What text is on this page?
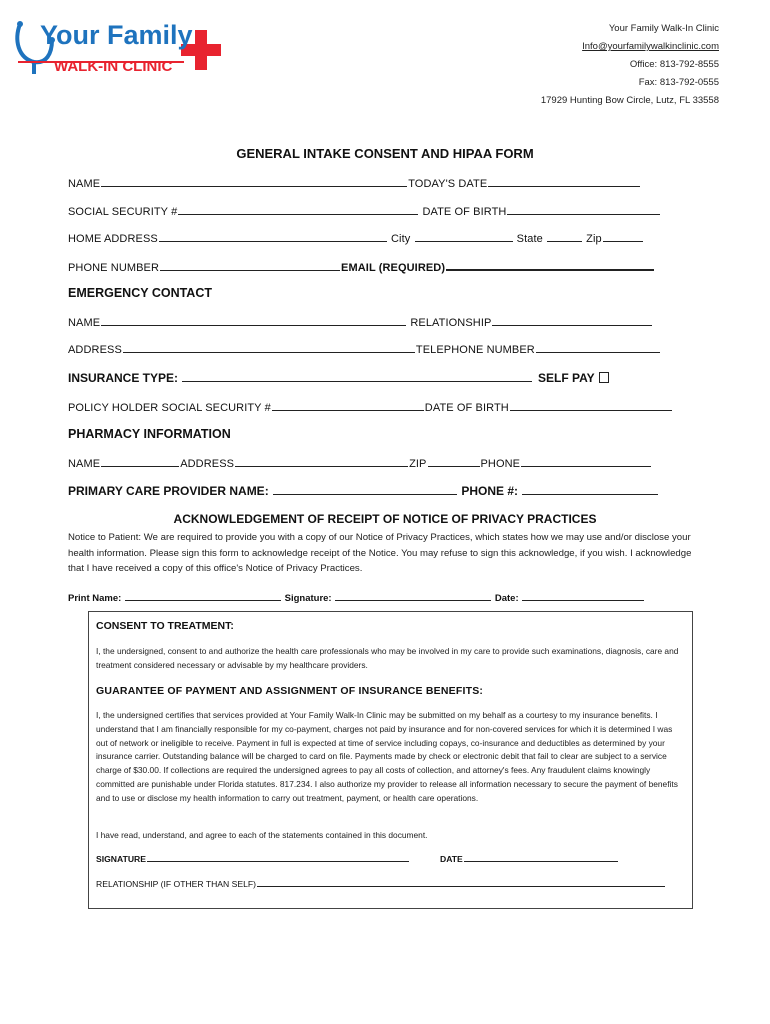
Your Family
WALK-IN CLINIC
Your Family Walk-In Clinic
Info@yourfamilywalkinclinic.com
Office: 813-792-8555
Fax: 813-792-0555
17929 Hunting Bow Circle, Lutz, FL 33558
GENERAL INTAKE CONSENT AND HIPAA FORM
NAME	TODAY'S DATE
SOCIAL SECURITY #	DATE OF BIRTH
HOME ADDRESS	City	State	Zip
PHONE NUMBER	EMAIL (REQUIRED)
EMERGENCY CONTACT
NAME	RELATIONSHIP
ADDRESS	TELEPHONE NUMBER
INSURANCE TYPE:	SELF PAY
POLICY HOLDER SOCIAL SECURITY #	DATE OF BIRTH
PHARMACY INFORMATION
NAME	ADDRESS	ZIP	PHONE
PRIMARY CARE PROVIDER NAME:	PHONE #:
ACKNOWLEDGEMENT OF RECEIPT OF NOTICE OF PRIVACY PRACTICES
Notice to Patient: We are required to provide you with a copy of our Notice of Privacy Practices, which states how we may use and/or disclose your health information. Please sign this form to acknowledge receipt of the Notice. You may refuse to sign this acknowledge, if you wish. I acknowledge that I have received a copy of this office's Notice of Privacy Practices.
Print Name:	Signature:	Date:
CONSENT TO TREATMENT:
I, the undersigned, consent to and authorize the health care professionals who may be involved in my care to provide such examinations, diagnosis, care and treatment considered necessary or advisable by my healthcare providers.
GUARANTEE OF PAYMENT AND ASSIGNMENT OF INSURANCE BENEFITS:
I, the undersigned certifies that services provided at Your Family Walk-In Clinic may be submitted on my behalf as a courtesy to my insurance benefits. I understand that I am financially responsible for my co-payment, charges not paid by insurance and for non-covered services for which it is determined I was out of network or ineligible to receive. Payment in full is expected at time of service including copays, co-insurance and deductibles as determined by your insurance carrier. Outstanding balance will be charged to card on file. Payments made by check or electronic debit that fail to clear are subject to a service charge of $30.00. If collections are required the undersigned agrees to pay all costs of collection, and attorney's fees. Any fraudulent claims knowingly committed are punishable under Florida statutes. 817.234. I also authorize my provider to release all information necessary to secure the payment of benefits and to use or disclose my health information to carry out treatment, payment, or health care operations.
I have read, understand, and agree to each of the statements contained in this document.
SIGNATURE	DATE
RELATIONSHIP (IF OTHER THAN SELF)
